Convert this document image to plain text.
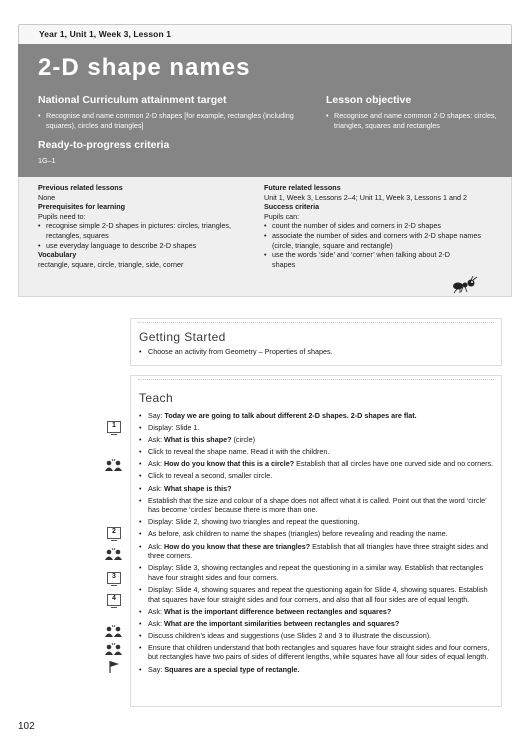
Year 1, Unit 1, Week 3, Lesson 1
2-D shape names
National Curriculum attainment target
• Recognise and name common 2-D shapes [for example, rectangles (including squares), circles and triangles]
Ready-to-progress criteria
1G–1
Lesson objective
• Recognise and name common 2-D shapes: circles, triangles, squares and rectangles
Previous related lessons
None
Prerequisites for learning
Pupils need to:
• recognise simple 2-D shapes in pictures: circles, triangles, rectangles, squares
• use everyday language to describe 2-D shapes
Vocabulary
rectangle, square, circle, triangle, side, corner
Future related lessons
Unit 1, Week 3, Lessons 2–4; Unit 11, Week 3, Lessons 1 and 2
Success criteria
Pupils can:
• count the number of sides and corners in 2-D shapes
• associate the number of sides and corners with 2-D shape names (circle, triangle, square and rectangle)
• use the words ‘side’ and ‘corner’ when talking about 2-D shapes
Getting Started
• Choose an activity from Geometry – Properties of shapes.
Teach
• Say: Today we are going to talk about different 2-D shapes. 2-D shapes are flat.
• Display: Slide 1.
• Ask: What is this shape? (circle)
• Click to reveal the shape name. Read it with the children.
• Ask: How do you know that this is a circle? Establish that all circles have one curved side and no corners.
• Click to reveal a second, smaller circle.
• Ask: What shape is this?
• Establish that the size and colour of a shape does not affect what it is called. Point out that the word ‘circle’ has become ‘circles’ because there is more than one.
• Display: Slide 2, showing two triangles and repeat the questioning.
• As before, ask children to name the shapes (triangles) before revealing and reading the name.
• Ask: How do you know that these are triangles? Establish that all triangles have three straight sides and three corners.
• Display: Slide 3, showing rectangles and repeat the questioning in a similar way. Establish that rectangles have four straight sides and four corners.
• Display: Slide 4, showing squares and repeat the questioning again for Slide 4, showing squares. Establish that squares have four straight sides and four corners, and also that all four sides are of equal length.
• Ask: What is the important difference between rectangles and squares?
• Ask: What are the important similarities between rectangles and squares?
• Discuss children’s ideas and suggestions (use Slides 2 and 3 to illustrate the discussion).
• Ensure that children understand that both rectangles and squares have four straight sides and four corners, but rectangles have two pairs of sides of different lengths, while squares have all four sides of equal length.
• Say: Squares are a special type of rectangle.
1
2
3
4
102
